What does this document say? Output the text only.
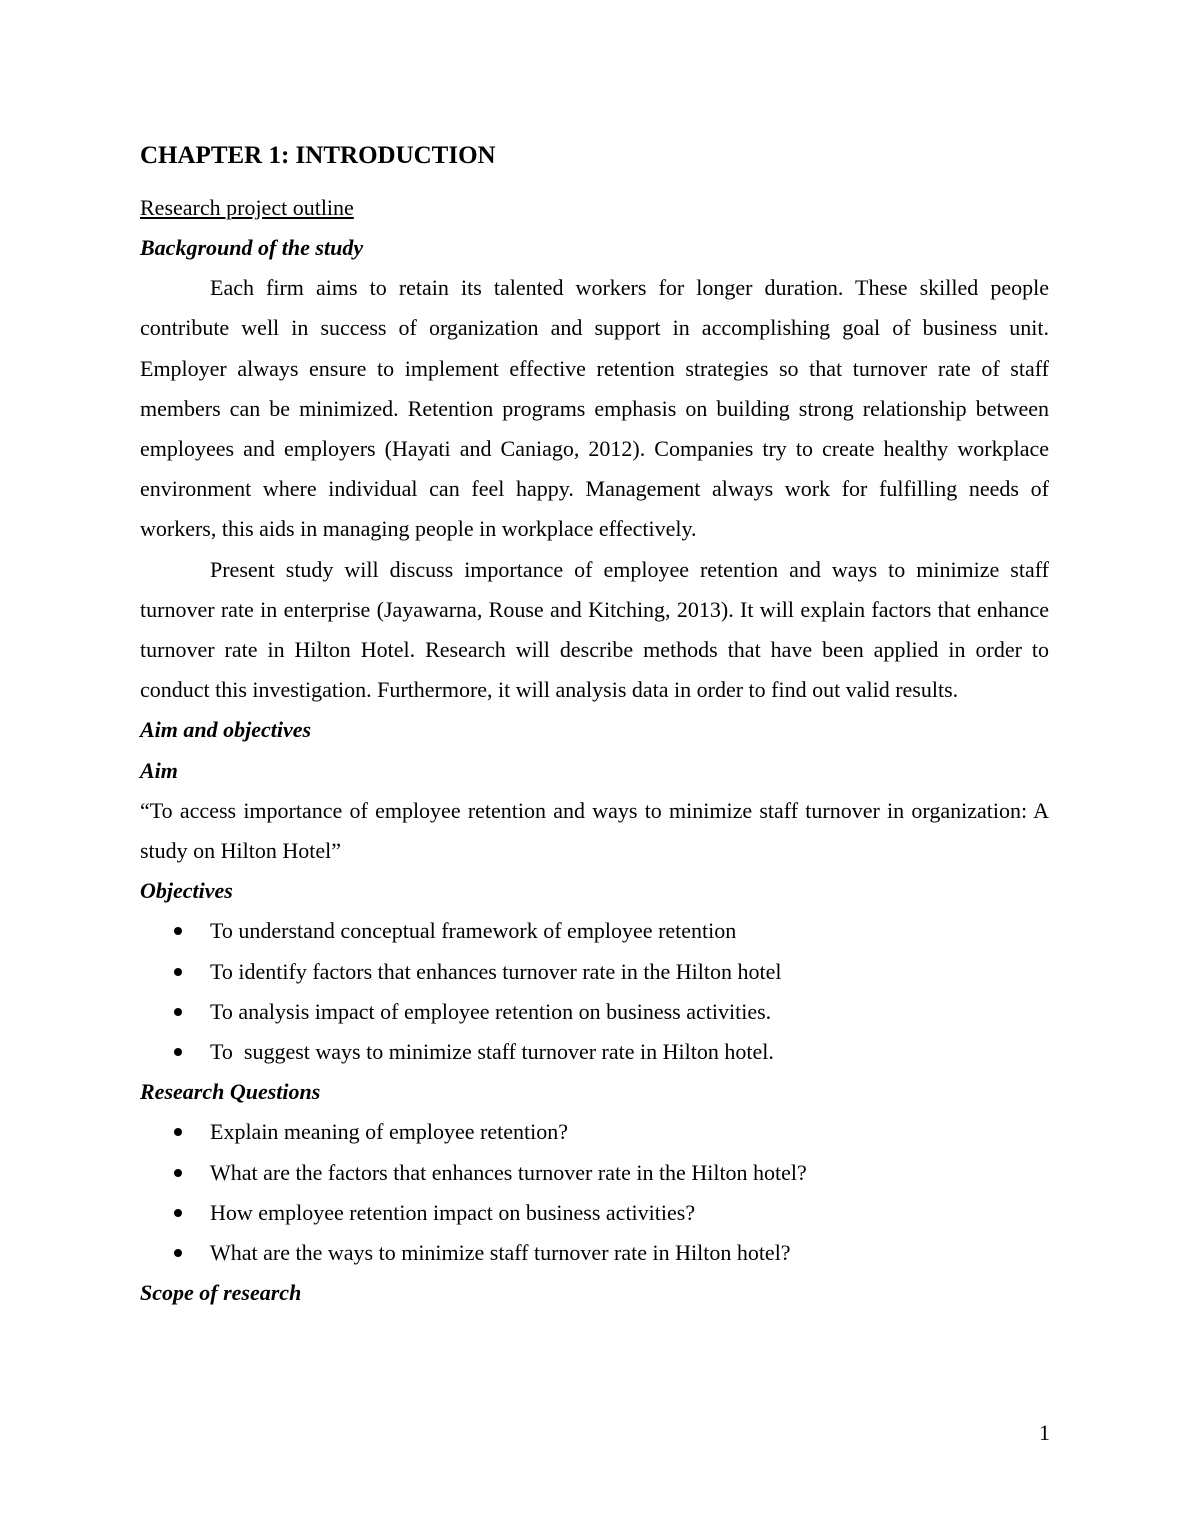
CHAPTER 1: INTRODUCTION
Research project outline
Background of the study

Each firm aims to retain its talented workers for longer duration. These skilled people contribute well in success of organization and support in accomplishing goal of business unit. Employer always ensure to implement effective retention strategies so that turnover rate of staff members can be minimized. Retention programs emphasis on building strong relationship between employees and employers (Hayati and Caniago, 2012). Companies try to create healthy workplace environment where individual can feel happy. Management always work for fulfilling needs of workers, this aids in managing people in workplace effectively.

Present study will discuss importance of employee retention and ways to minimize staff turnover rate in enterprise (Jayawarna, Rouse and Kitching, 2013). It will explain factors that enhance turnover rate in Hilton Hotel. Research will describe methods that have been applied in order to conduct this investigation. Furthermore, it will analysis data in order to find out valid results.

Aim and objectives
Aim

“To access importance of employee retention and ways to minimize staff turnover in organization: A study on Hilton Hotel”

Objectives
To understand conceptual framework of employee retention
To identify factors that enhances turnover rate in the Hilton hotel
To analysis impact of employee retention on business activities.
To  suggest ways to minimize staff turnover rate in Hilton hotel.
Research Questions
Explain meaning of employee retention?
What are the factors that enhances turnover rate in the Hilton hotel?
How employee retention impact on business activities?
What are the ways to minimize staff turnover rate in Hilton hotel?
Scope of research
1
